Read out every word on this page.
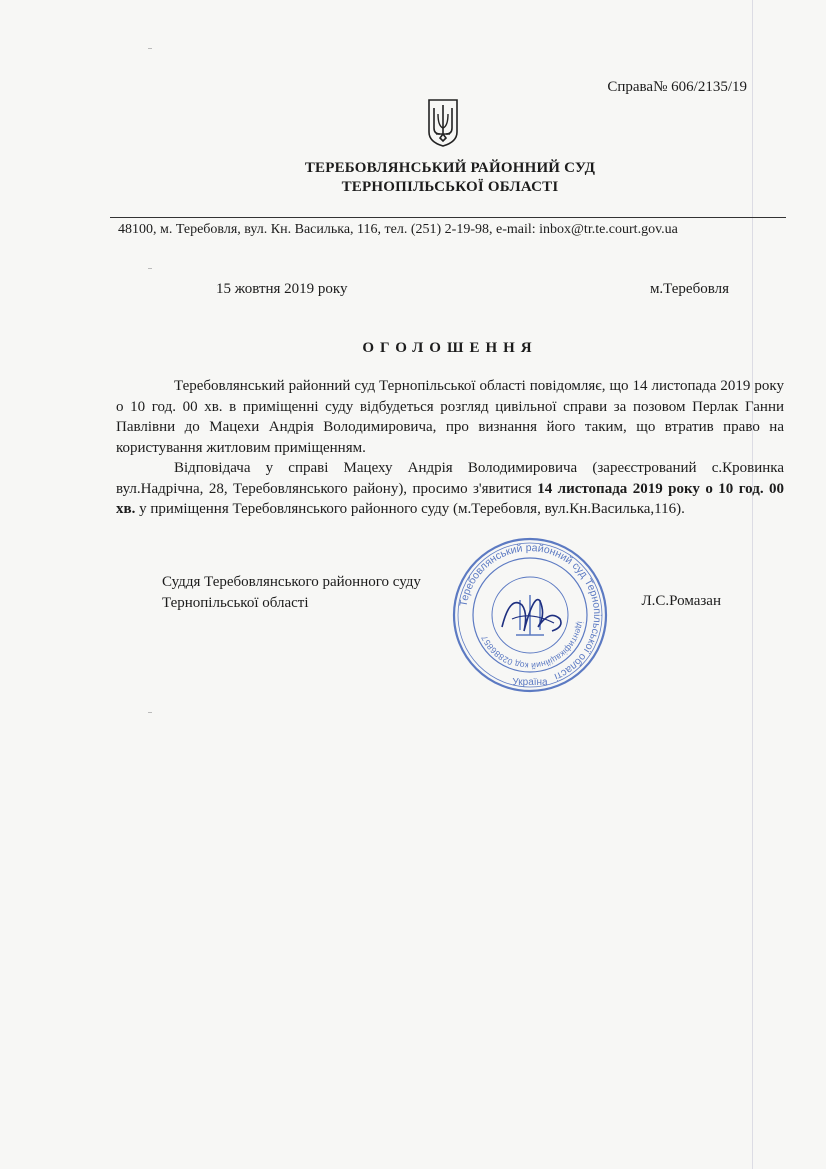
Справа№ 606/2135/19
ТЕРЕБОВЛЯНСЬКИЙ РАЙОННИЙ СУД
ТЕРНОПІЛЬСЬКОЇ ОБЛАСТІ
48100, м. Теребовля, вул. Кн. Василька, 116, тел. (251) 2-19-98, e-mail: inbox@tr.te.court.gov.ua
15 жовтня 2019 року	м.Теребовля
ОГОЛОШЕННЯ

Теребовлянський районний суд Тернопільської області повідомляє, що 14 листопада 2019 року о 10 год. 00 хв. в приміщенні суду відбудеться розгляд цивільної справи за позовом Перлак Ганни Павлівни до Мацехи Андрія Володимировича, про визнання його таким, що втратив право на користування житловим приміщенням.

Відповідача у справі Мацеху Андрія Володимировича (зареєстрований с.Кровинка вул.Надрічна, 28, Теребовлянського району), просимо з'явитися 14 листопада 2019 року о 10 год. 00 хв. у приміщення Теребовлянського районного суду (м.Теребовля, вул.Кн.Василька,116).

Суддя Теребовлянського районного суду
Тернопільської області	Л.С.Ромазан
Теребовлянський районний суд Тернопільської області
ідентифікаційний код 02886857
Україна
